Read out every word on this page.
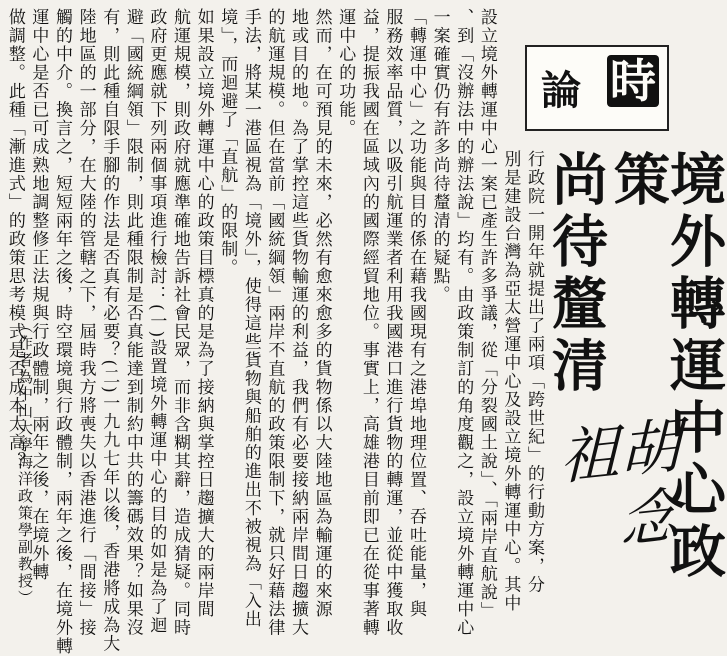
時
論
境外轉運中心政策
尚待釐清
胡念祖
（作者為中山大學海洋政策學副教授）	行政院一開年就提出了兩項「跨世紀」的行動方案，分
別是建設台灣為亞太營運中心及設立境外轉運中心。其中
設立境外轉運中心一案已產生許多爭議，從「分裂國土說」、「兩岸直航說」
、到「沒辦法中的辦法說」均有。由政策制訂的角度觀之，設立境外轉運中心
一案確實仍有許多尚待釐清的疑點。
「轉運中心」之功能與目的係在藉我國現有之港埠地理位置、吞吐能量，與
服務效率品質，以吸引航運業者利用我國港口進行貨物的轉運，並從中獲取收
益，提振我國在區域內的國際經貿地位。事實上，高雄港目前即已在從事著轉
運中心的功能。
然而，在可預見的未來，必然有愈來愈多的貨物係以大陸地區為輸運的來源
地或目的地。為了掌控這些貨物輸運的利益，我們有必要接納兩岸間日趨擴大
的航運規模。但在當前「國統綱領」兩岸不直航的政策限制下，就只好藉法律
手法，將某一港區視為「境外」，使得這些貨物與船舶的進出不被視為「入出
境」，而迴避了「直航」的限制。
如果設立境外轉運中心的政策目標真的是為了接納與掌控日趨擴大的兩岸間
航運規模，則政府就應準確地告訴社會民眾，而非含糊其辭，造成猜疑。同時
政府更應就下列兩個事項進行檢討：(一)設置境外轉運中心的目的如是為了迴
避「國統綱領」限制，則此種限制是否真能達到制約中共的籌碼效果？如果沒
有，則此種自限手腳的作法是否真有必要？(二)一九九七年以後，香港將成為大
陸地區的一部分，在大陸的管轄之下，屆時我方將喪失以香港進行「間接」接
觸的中介。換言之，短短兩年之後，時空環境與行政體制，兩年之後，在境外轉
運中心是否已可成熟地調整修正法規與行政體制，兩年之後，在境外轉
做調整。此種「漸進式」的政策思考模式是否成本太高？
